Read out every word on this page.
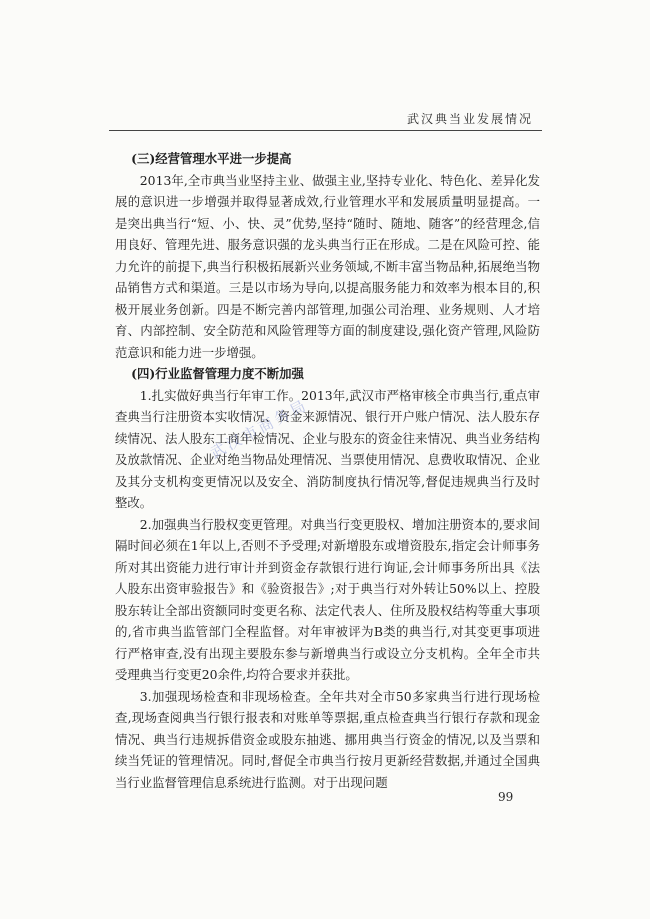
武汉典当业发展情况
(三)经营管理水平进一步提高

2013年,全市典当业坚持主业、做强主业,坚持专业化、特色化、差异化发展的意识进一步增强并取得显著成效,行业管理水平和发展质量明显提高。一是突出典当行“短、小、快、灵”优势,坚持“随时、随地、随客”的经营理念,信用良好、管理先进、服务意识强的龙头典当行正在形成。二是在风险可控、能力允许的前提下,典当行积极拓展新兴业务领域,不断丰富当物品种,拓展绝当物品销售方式和渠道。三是以市场为导向,以提高服务能力和效率为根本目的,积极开展业务创新。四是不断完善内部管理,加强公司治理、业务规则、人才培育、内部控制、安全防范和风险管理等方面的制度建设,强化资产管理,风险防范意识和能力进一步增强。

(四)行业监督管理力度不断加强

1.扎实做好典当行年审工作。2013年,武汉市严格审核全市典当行,重点审查典当行注册资本实收情况、资金来源情况、银行开户账户情况、法人股东存续情况、法人股东工商年检情况、企业与股东的资金往来情况、典当业务结构及放款情况、企业对绝当物品处理情况、当票使用情况、息费收取情况、企业及其分支机构变更情况以及安全、消防制度执行情况等,督促违规典当行及时整改。

2.加强典当行股权变更管理。对典当行变更股权、增加注册资本的,要求间隔时间必须在1年以上,否则不予受理;对新增股东或增资股东,指定会计师事务所对其出资能力进行审计并到资金存款银行进行询证,会计师事务所出具《法人股东出资审验报告》和《验资报告》;对于典当行对外转让50%以上、控股股东转让全部出资额同时变更名称、法定代表人、住所及股权结构等重大事项的,省市典当监管部门全程监督。对年审被评为B类的典当行,对其变更事项进行严格审查,没有出现主要股东参与新增典当行或设立分支机构。全年全市共受理典当行变更20余件,均符合要求并获批。

3.加强现场检查和非现场检查。全年共对全市50多家典当行进行现场检查,现场查阅典当行银行报表和对账单等票据,重点检查典当行银行存款和现金情况、典当行违规拆借资金或股东抽逃、挪用典当行资金的情况,以及当票和续当凭证的管理情况。同时,督促全市典当行按月更新经营数据,并通过全国典当行业监督管理信息系统进行监测。对于出现问题

武汉市商务局
99
